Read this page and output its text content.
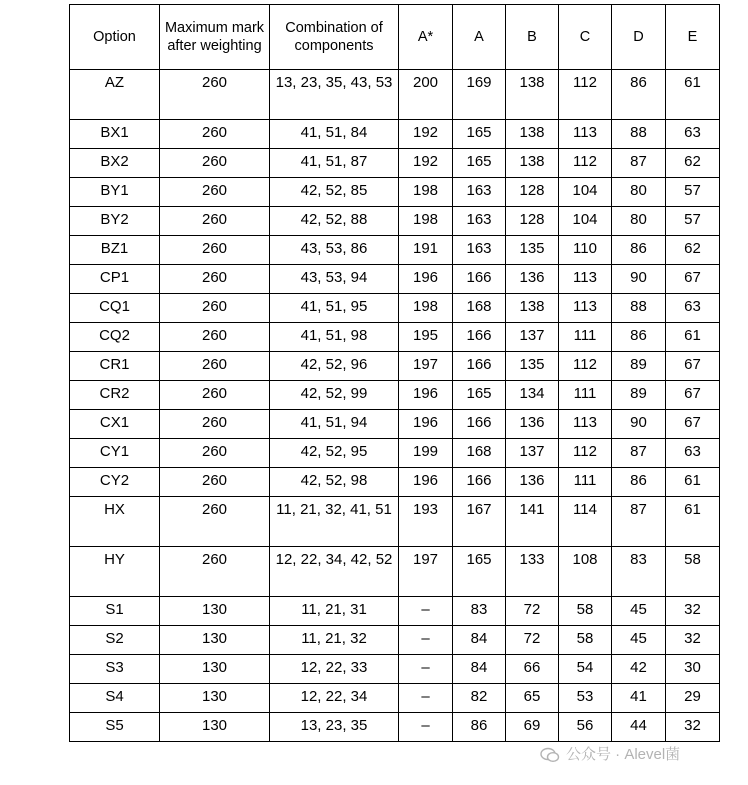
Option	Maximum mark after weighting	Combination of components	A*	A	B	C	D	E
AZ	260	13, 23, 35, 43, 53	200	169	138	112	86	61
BX1	260	41, 51, 84	192	165	138	113	88	63
BX2	260	41, 51, 87	192	165	138	112	87	62
BY1	260	42, 52, 85	198	163	128	104	80	57
BY2	260	42, 52, 88	198	163	128	104	80	57
BZ1	260	43, 53, 86	191	163	135	110	86	62
CP1	260	43, 53, 94	196	166	136	113	90	67
CQ1	260	41, 51, 95	198	168	138	113	88	63
CQ2	260	41, 51, 98	195	166	137	111	86	61
CR1	260	42, 52, 96	197	166	135	112	89	67
CR2	260	42, 52, 99	196	165	134	111	89	67
CX1	260	41, 51, 94	196	166	136	113	90	67
CY1	260	42, 52, 95	199	168	137	112	87	63
CY2	260	42, 52, 98	196	166	136	111	86	61
HX	260	11, 21, 32, 41, 51	193	167	141	114	87	61
HY	260	12, 22, 34, 42, 52	197	165	133	108	83	58
S1	130	11, 21, 31	–	83	72	58	45	32
S2	130	11, 21, 32	–	84	72	58	45	32
S3	130	12, 22, 33	–	84	66	54	42	30
S4	130	12, 22, 34	–	82	65	53	41	29
S5	130	13, 23, 35	–	86	69	56	44	32
公众号 · Alevel菌
